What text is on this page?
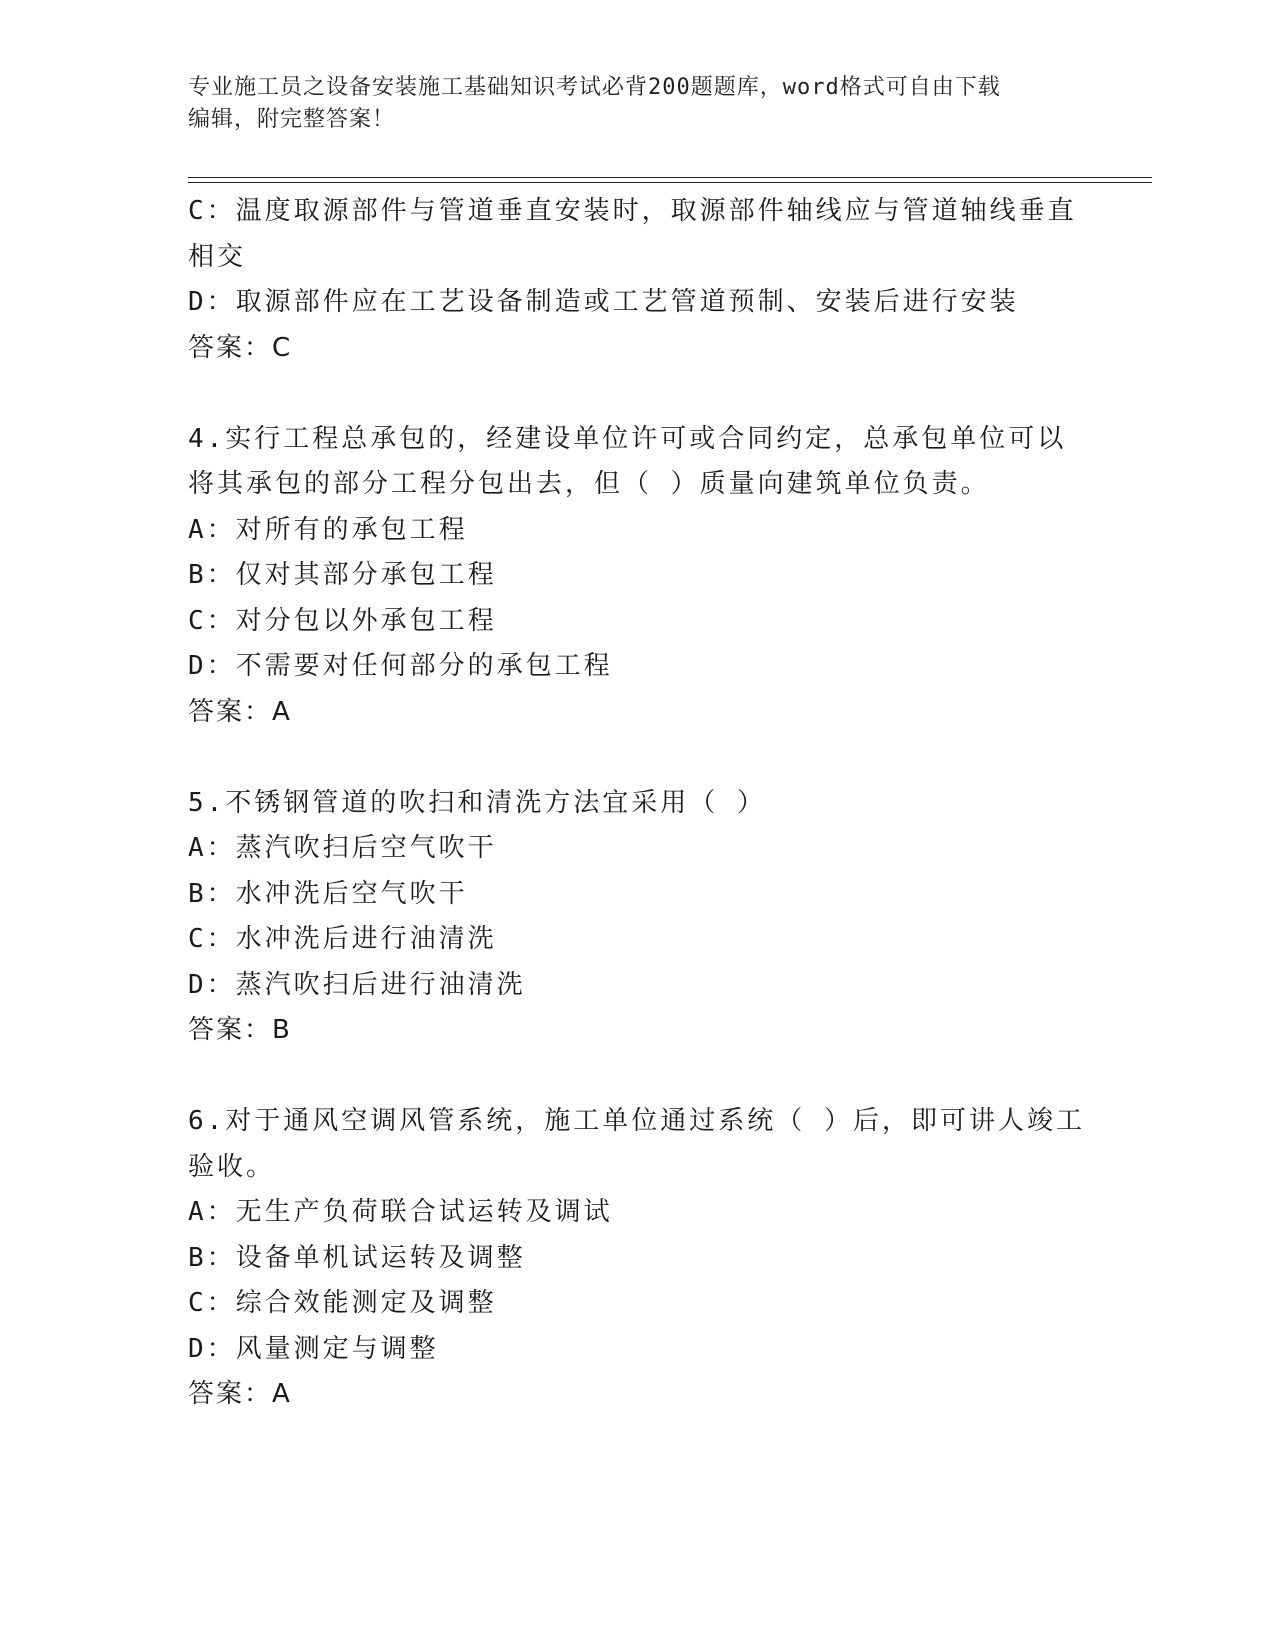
专业施工员之设备安装施工基础知识考试必背200题题库，word格式可自由下载
编辑，附完整答案！
C：温度取源部件与管道垂直安装时，取源部件轴线应与管道轴线垂直
相交
D：取源部件应在工艺设备制造或工艺管道预制、安装后进行安装
答案：C
4.实行工程总承包的，经建设单位许可或合同约定，总承包单位可以
将其承包的部分工程分包出去，但（ ）质量向建筑单位负责。
A：对所有的承包工程
B：仅对其部分承包工程
C：对分包以外承包工程
D：不需要对任何部分的承包工程
答案：A
5.不锈钢管道的吹扫和清洗方法宜采用（ ）
A：蒸汽吹扫后空气吹干
B：水冲洗后空气吹干
C：水冲洗后进行油清洗
D：蒸汽吹扫后进行油清洗
答案：B
6.对于通风空调风管系统，施工单位通过系统（ ）后，即可讲人竣工
验收。
A：无生产负荷联合试运转及调试
B：设备单机试运转及调整
C：综合效能测定及调整
D：风量测定与调整
答案：A
